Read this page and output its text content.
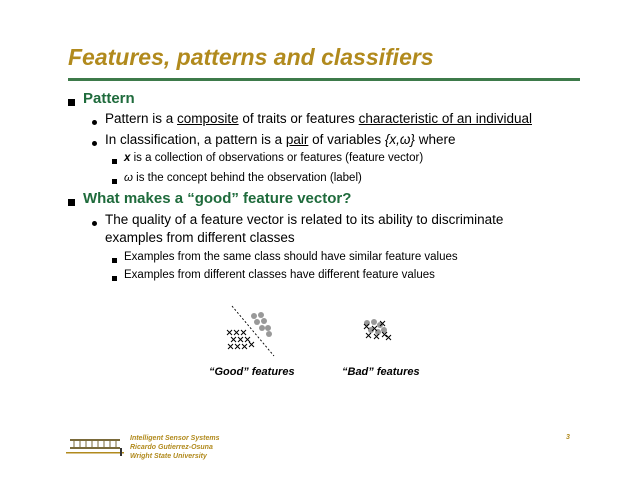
Features, patterns and classifiers
Pattern
Pattern is a composite of traits or features characteristic of an individual
In classification, a pattern is a pair of variables {x,ω} where
x is a collection of observations or features (feature vector)
ω is the concept behind the observation (label)
What makes a “good” feature vector?
The quality of a feature vector is related to its ability to discriminate
examples from different classes
Examples from the same class should have similar feature values
Examples from different classes have different feature values
“Good” features	“Bad” features
Intelligent Sensor Systems
Ricardo Gutierrez-Osuna
Wright State University
3
